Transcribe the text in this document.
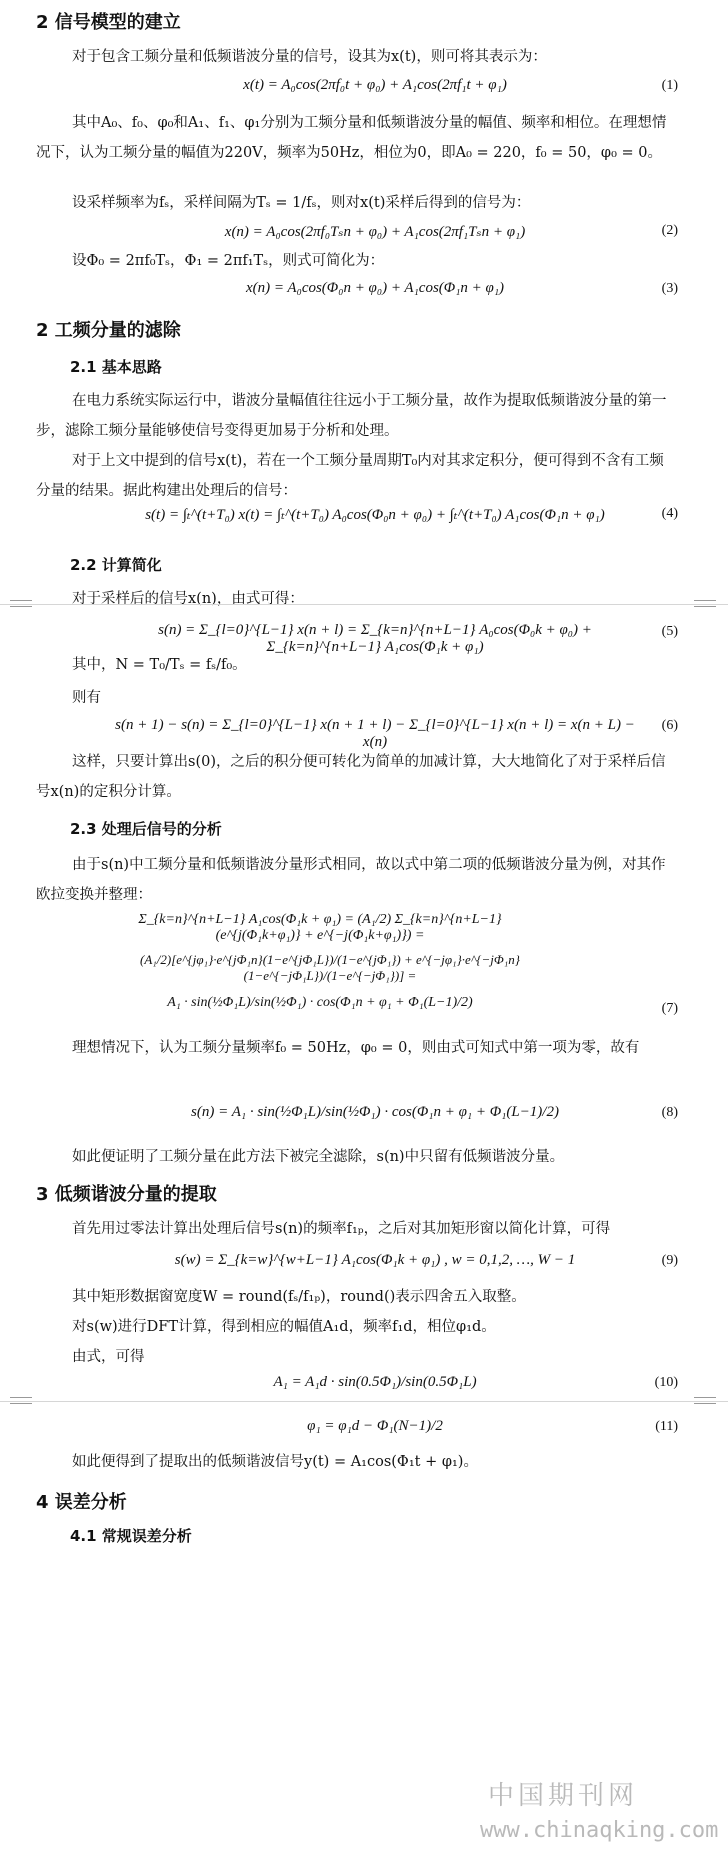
2 信号模型的建立
对于包含工频分量和低频谐波分量的信号，设其为x(t)，则可将其表示为：
x(t) = A₀cos(2πf₀t + φ₀) + A₁cos(2πf₁t + φ₁)	(1)
其中A₀、f₀、φ₀和A₁、f₁、φ₁分别为工频分量和低频谐波分量的幅值、频率和相位。在理想情况下，认为工频分量的幅值为220V，频率为50Hz，相位为0，即A₀ = 220，f₀ = 50，φ₀ = 0。
设采样频率为fₛ，采样间隔为Tₛ = 1/fₛ，则对x(t)采样后得到的信号为：
x(n) = A₀cos(2πf₀Tₛn + φ₀) + A₁cos(2πf₁Tₛn + φ₁)	(2)
设Φ₀ = 2πf₀Tₛ，Φ₁ = 2πf₁Tₛ，则式可简化为：
x(n) = A₀cos(Φ₀n + φ₀) + A₁cos(Φ₁n + φ₁)	(3)
2 工频分量的滤除
2.1 基本思路
在电力系统实际运行中，谐波分量幅值往往远小于工频分量，故作为提取低频谐波分量的第一步，滤除工频分量能够使信号变得更加易于分析和处理。
对于上文中提到的信号x(t)，若在一个工频分量周期T₀内对其求定积分，便可得到不含有工频分量的结果。据此构建出处理后的信号：
s(t) = ∫ₜ^(t+T₀) x(t) = ∫ₜ^(t+T₀) A₀cos(Φ₀n + φ₀) + ∫ₜ^(t+T₀) A₁cos(Φ₁n + φ₁)	(4)
2.2 计算简化
对于采样后的信号x(n)，由式可得：
s(n) = Σ_{l=0}^{L−1} x(n + l) = Σ_{k=n}^{n+L−1} A₀cos(Φ₀k + φ₀) + Σ_{k=n}^{n+L−1} A₁cos(Φ₁k + φ₁)
(5)
其中，N = T₀/Tₛ = fₛ/f₀。
则有
s(n + 1) − s(n) = Σ_{l=0}^{L−1} x(n + 1 + l) − Σ_{l=0}^{L−1} x(n + l) = x(n + L) − x(n)
(6)
这样，只要计算出s(0)，之后的积分便可转化为简单的加减计算，大大地简化了对于采样后信号x(n)的定积分计算。
2.3 处理后信号的分析
由于s(n)中工频分量和低频谐波分量形式相同，故以式中第二项的低频谐波分量为例，对其作欧拉变换并整理：
Σ_{k=n}^{n+L−1} A₁cos(Φ₁k + φ₁) = (A₁/2) Σ_{k=n}^{n+L−1} (e^{j(Φ₁k+φ₁)} + e^{−j(Φ₁k+φ₁)}) =
(A₁/2)[e^{jφ₁}·e^{jΦ₁n}(1−e^{jΦ₁L})/(1−e^{jΦ₁}) + e^{−jφ₁}·e^{−jΦ₁n}(1−e^{−jΦ₁L})/(1−e^{−jΦ₁})] =
A₁ · sin(½Φ₁L)/sin(½Φ₁) · cos(Φ₁n + φ₁ + Φ₁(L−1)/2)	(7)
理想情况下，认为工频分量频率f₀ = 50Hz，φ₀ = 0，则由式可知式中第一项为零，故有
s(n) = A₁ · sin(½Φ₁L)/sin(½Φ₁) · cos(Φ₁n + φ₁ + Φ₁(L−1)/2)	(8)
如此便证明了工频分量在此方法下被完全滤除，s(n)中只留有低频谐波分量。
3 低频谐波分量的提取
首先用过零法计算出处理后信号s(n)的频率f₁ₚ，之后对其加矩形窗以简化计算，可得
s(w) = Σ_{k=w}^{w+L−1} A₁cos(Φ₁k + φ₁) , w = 0,1,2, …, W − 1	(9)
其中矩形数据窗宽度W = round(fₛ/f₁ₚ)，round()表示四舍五入取整。
对s(w)进行DFT计算，得到相应的幅值A₁d，频率f₁d，相位φ₁d。
由式，可得
A₁ = A₁d · sin(0.5Φ₁)/sin(0.5Φ₁L)	(10)
φ₁ = φ₁d − Φ₁(N−1)/2	(11)
如此便得到了提取出的低频谐波信号y(t) = A₁cos(Φ₁t + φ₁)。
4 误差分析
4.1 常规误差分析
中国期刊网
www.chinaqking.com
